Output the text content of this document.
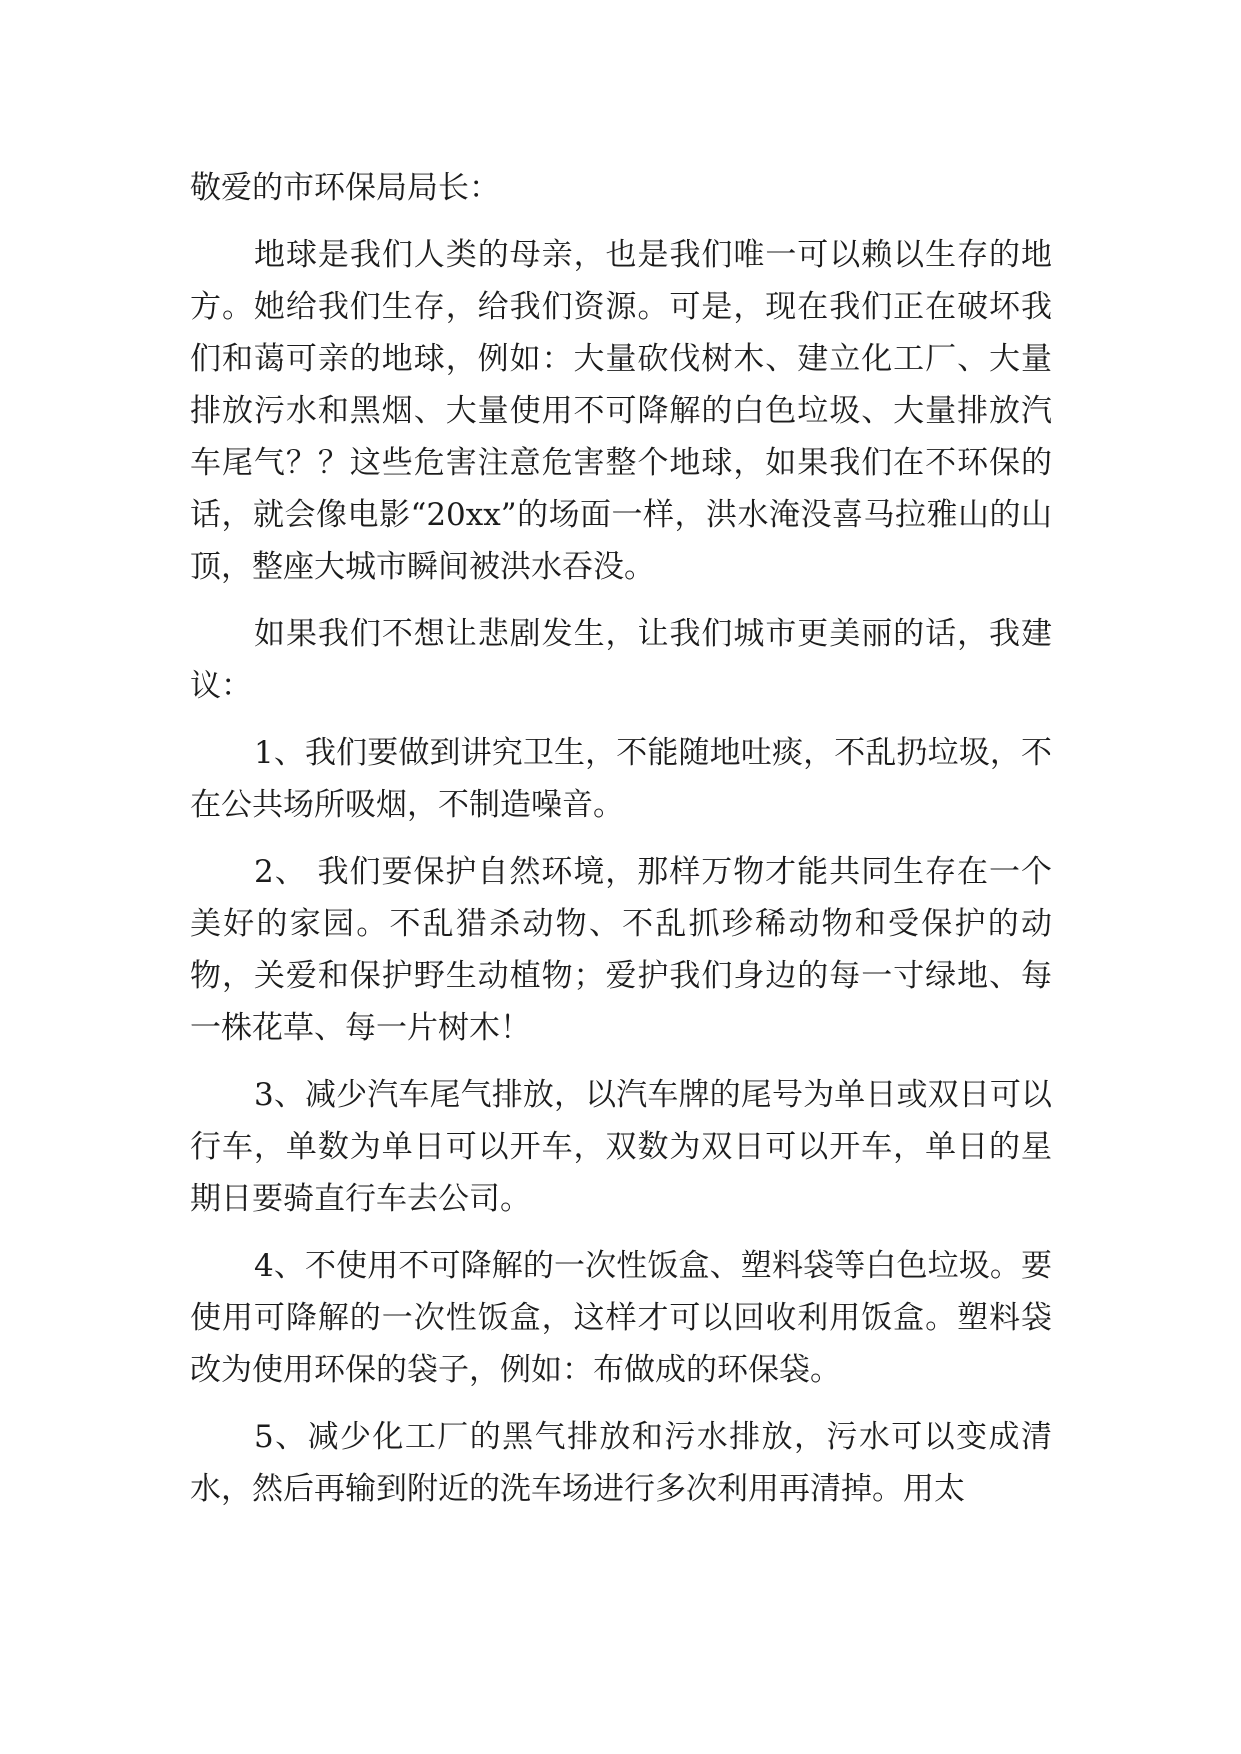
敬爱的市环保局局长：

地球是我们人类的母亲，也是我们唯一可以赖以生存的地方。她给我们生存，给我们资源。可是，现在我们正在破坏我们和蔼可亲的地球，例如：大量砍伐树木、建立化工厂、大量排放污水和黑烟、大量使用不可降解的白色垃圾、大量排放汽车尾气？？这些危害注意危害整个地球，如果我们在不环保的话，就会像电影“20xx”的场面一样，洪水淹没喜马拉雅山的山顶，整座大城市瞬间被洪水吞没。

如果我们不想让悲剧发生，让我们城市更美丽的话，我建议：

1、我们要做到讲究卫生，不能随地吐痰，不乱扔垃圾，不在公共场所吸烟，不制造噪音。

2、 我们要保护自然环境，那样万物才能共同生存在一个美好的家园。不乱猎杀动物、不乱抓珍稀动物和受保护的动物，关爱和保护野生动植物；爱护我们身边的每一寸绿地、每一株花草、每一片树木！

3、减少汽车尾气排放，以汽车牌的尾号为单日或双日可以行车，单数为单日可以开车，双数为双日可以开车，单日的星期日要骑直行车去公司。

4、不使用不可降解的一次性饭盒、塑料袋等白色垃圾。要使用可降解的一次性饭盒，这样才可以回收利用饭盒。塑料袋改为使用环保的袋子，例如：布做成的环保袋。

5、减少化工厂的黑气排放和污水排放，污水可以变成清水，然后再输到附近的洗车场进行多次利用再清掉。用太
